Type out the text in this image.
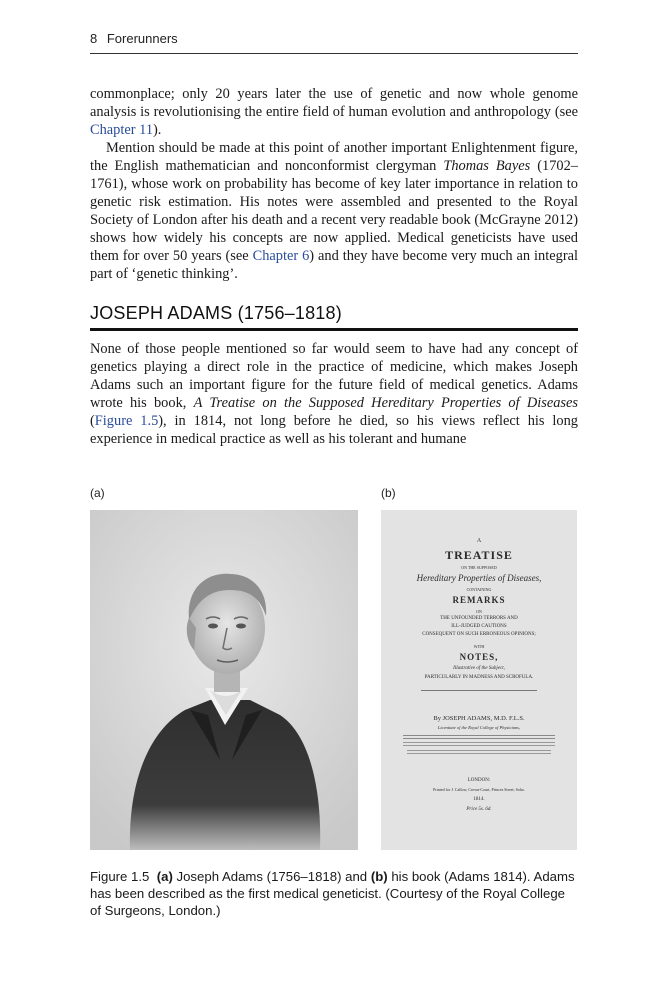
8 Forerunners

commonplace; only 20 years later the use of genetic and now whole genome analysis is revolutionising the entire field of human evolution and anthropology (see Chapter 11).

Mention should be made at this point of another important Enlightenment figure, the English mathematician and nonconformist clergyman Thomas Bayes (1702–1761), whose work on probability has become of key later importance in relation to genetic risk estimation. His notes were assembled and presented to the Royal Society of London after his death and a recent very readable book (McGrayne 2012) shows how widely his concepts are now applied. Medical geneticists have used them for over 50 years (see Chapter 6) and they have become very much an integral part of ‘genetic thinking’.

JOSEPH ADAMS (1756–1818)

None of those people mentioned so far would seem to have had any concept of genetics playing a direct role in the practice of medicine, which makes Joseph Adams such an important figure for the future field of medical genetics. Adams wrote his book, A Treatise on the Supposed Hereditary Properties of Diseases (Figure 1.5), in 1814, not long before he died, so his views reflect his long experience in medical practice as well as his tolerant and humane

(a)	(b)
A
TREATISE
ON THE SUPPOSED
Hereditary Properties of Diseases,
CONTAINING
REMARKS
ON
THE UNFOUNDED TERRORS AND
ILL-JUDGED CAUTIONS
CONSEQUENT ON SUCH ERRONEOUS OPINIONS;
WITH
NOTES,
Illustrative of the Subject,
PARTICULARLY IN MADNESS AND SCROFULA.
By JOSEPH ADAMS, M.D. F.L.S.
Licentiate of the Royal College of Physicians,
LONDON:
Printed for J. Callow, Crown-Court, Princes Street, Soho.
1814.
Price 5s. 6d.
Figure 1.5 (a) Joseph Adams (1756–1818) and (b) his book (Adams 1814). Adams has been described as the first medical geneticist. (Courtesy of the Royal College of Surgeons, London.)
